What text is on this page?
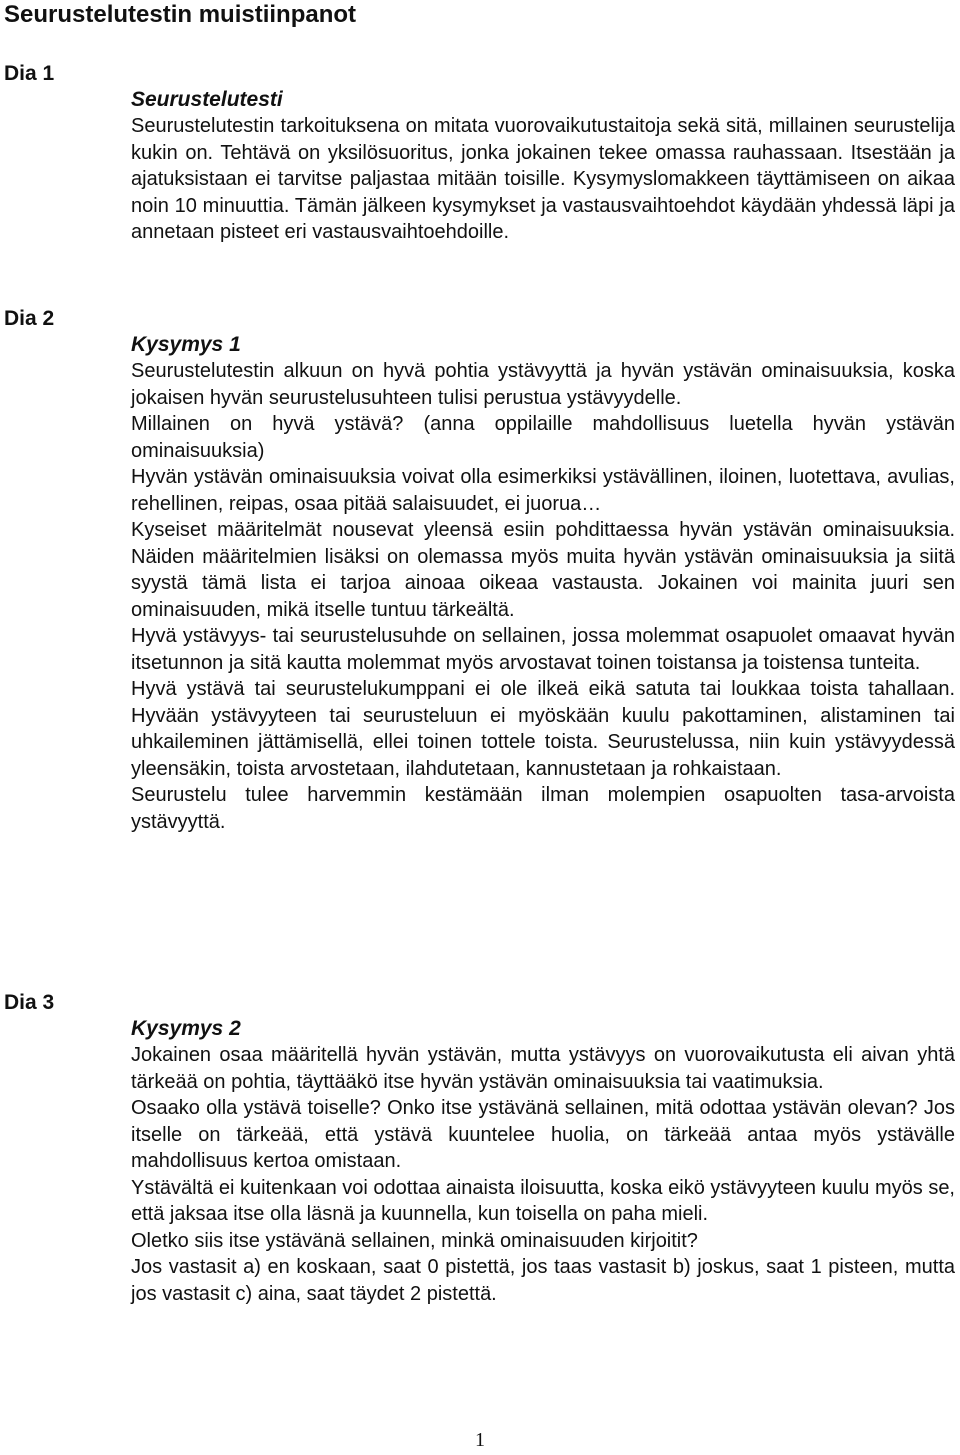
Seurustelutestin muistiinpanot
Dia 1

Seurustelutesti

Seurustelutestin tarkoituksena on mitata vuorovaikutustaitoja sekä sitä, millainen seurustelija kukin on. Tehtävä on yksilösuoritus, jonka jokainen tekee omassa rauhassaan. Itsestään ja ajatuksistaan ei tarvitse paljastaa mitään toisille. Kysymyslomakkeen täyttämiseen on aikaa noin 10 minuuttia. Tämän jälkeen kysymykset ja vastausvaihtoehdot käydään yhdessä läpi ja annetaan pisteet eri vastausvaihtoehdoille.

Dia 2

Kysymys 1

Seurustelutestin alkuun on hyvä pohtia ystävyyttä ja hyvän ystävän ominaisuuksia, koska jokaisen hyvän seurustelusuhteen tulisi perustua ystävyydelle.

Millainen on hyvä ystävä? (anna oppilaille mahdollisuus luetella hyvän ystävän ominaisuuksia)

Hyvän ystävän ominaisuuksia voivat olla esimerkiksi ystävällinen, iloinen, luotettava, avulias, rehellinen, reipas, osaa pitää salaisuudet, ei juorua…

Kyseiset määritelmät nousevat yleensä esiin pohdittaessa hyvän ystävän ominaisuuksia. Näiden määritelmien lisäksi on olemassa myös muita hyvän ystävän ominaisuuksia ja siitä syystä tämä lista ei tarjoa ainoaa oikeaa vastausta. Jokainen voi mainita juuri sen ominaisuuden, mikä itselle tuntuu tärkeältä.

Hyvä ystävyys- tai seurustelusuhde on sellainen, jossa molemmat osapuolet omaavat hyvän itsetunnon ja sitä kautta molemmat myös arvostavat toinen toistansa ja toistensa tunteita.

Hyvä ystävä tai seurustelukumppani ei ole ilkeä eikä satuta tai loukkaa toista tahallaan. Hyvään ystävyyteen tai seurusteluun ei myöskään kuulu pakottaminen, alistaminen tai uhkaileminen jättämisellä, ellei toinen tottele toista. Seurustelussa, niin kuin ystävyydessä yleensäkin, toista arvostetaan, ilahdutetaan, kannustetaan ja rohkaistaan.

Seurustelu tulee harvemmin kestämään ilman molempien osapuolten tasa-arvoista ystävyyttä.

Dia 3

Kysymys 2

Jokainen osaa määritellä hyvän ystävän, mutta ystävyys on vuorovaikutusta eli aivan yhtä tärkeää on pohtia, täyttääkö itse hyvän ystävän ominaisuuksia tai vaatimuksia.

Osaako olla ystävä toiselle? Onko itse ystävänä sellainen, mitä odottaa ystävän olevan? Jos itselle on tärkeää, että ystävä kuuntelee huolia, on tärkeää antaa myös ystävälle mahdollisuus kertoa omistaan.

Ystävältä ei kuitenkaan voi odottaa ainaista iloisuutta, koska eikö ystävyyteen kuulu myös se, että jaksaa itse olla läsnä ja kuunnella, kun toisella on paha mieli.

Oletko siis itse ystävänä sellainen, minkä ominaisuuden kirjoitit?

Jos vastasit a) en koskaan, saat 0 pistettä, jos taas vastasit b) joskus, saat 1 pisteen, mutta jos vastasit c) aina, saat täydet 2 pistettä.

1
